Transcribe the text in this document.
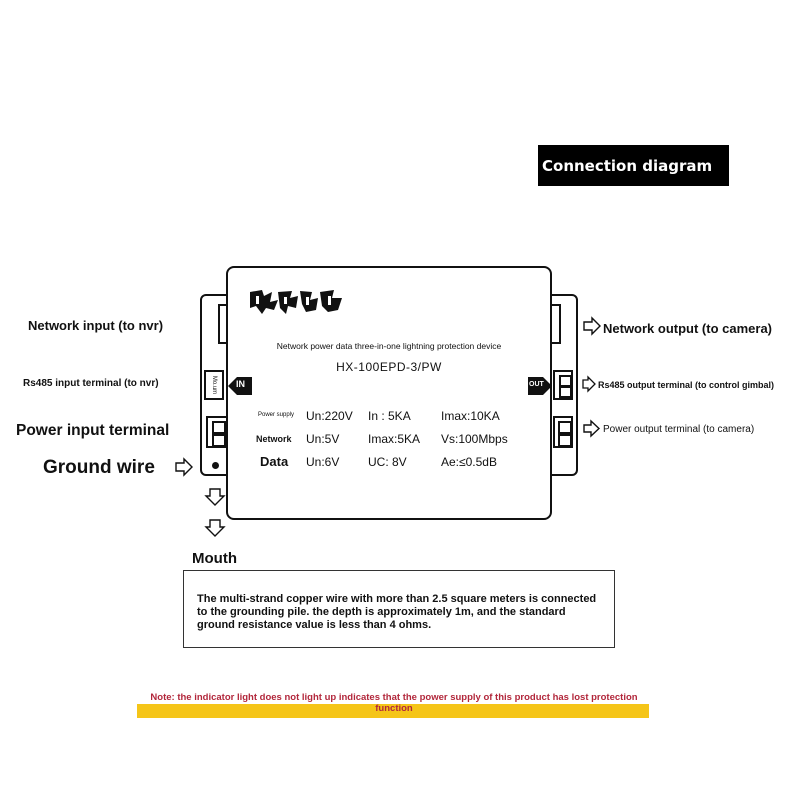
Connection diagram
Mo.um
Network power data three-in-one lightning protection device
HX-100EPD-3/PW
IN	OUT
Power supply Un:220V In : 5KA	Imax:10KA
Network Un:5V Imax:5KA Vs:100Mbps
Data Un:6V UC: 8V	Ae:≤0.5dB
Network input (to nvr)
Rs485 input terminal (to nvr)
Power input terminal
Ground wire
Network output (to camera)
Rs485 output terminal (to control gimbal)
Power output terminal (to camera)
Mouth
The multi-strand copper wire with more than 2.5 square meters is connected to the grounding pile. the depth is approximately 1m, and the standard ground resistance value is less than 4 ohms.
Note: the indicator light does not light up indicates that the power supply of this product has lost protection function
